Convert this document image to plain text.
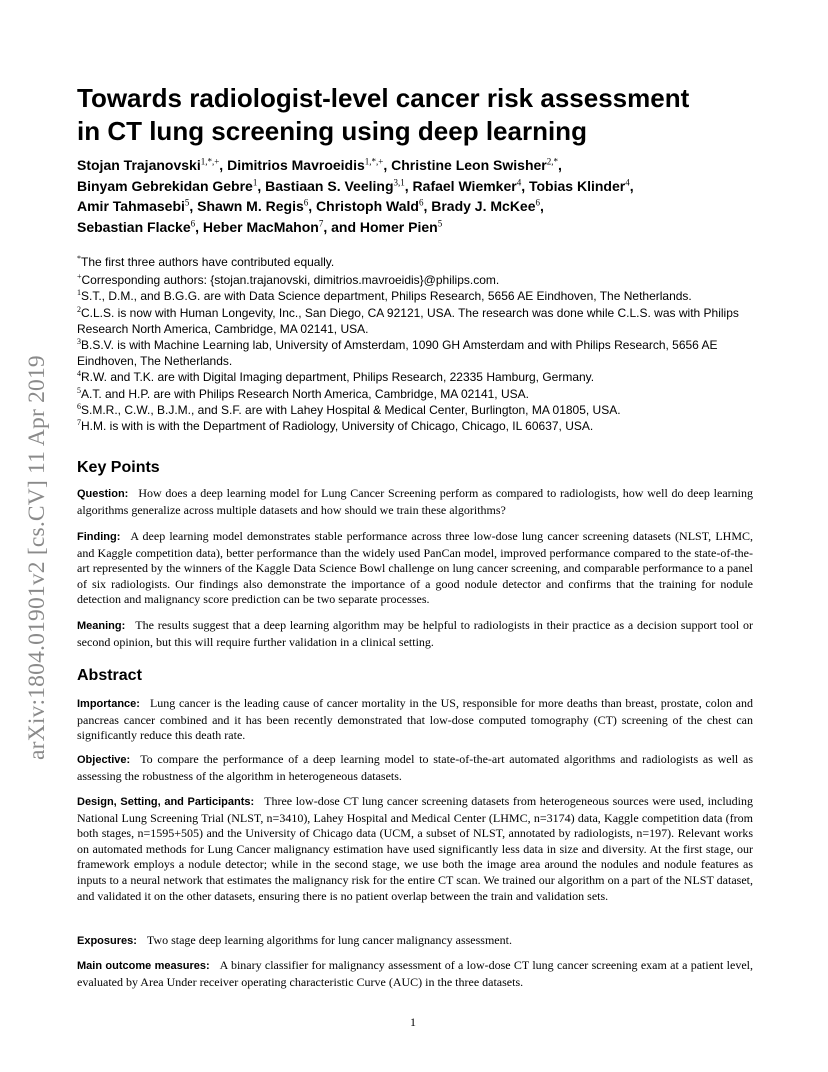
arXiv:1804.01901v2 [cs.CV] 11 Apr 2019
Towards radiologist-level cancer risk assessment
in CT lung screening using deep learning
Stojan Trajanovski$^{1,*,+}$, Dimitrios Mavroeidis$^{1,*,+}$, Christine Leon Swisher$^{2,*}$,
Binyam Gebrekidan Gebre$^1$, Bastiaan S. Veeling$^{3,1}$, Rafael Wiemker$^4$, Tobias Klinder$^4$,
Amir Tahmasebi$^5$, Shawn M. Regis$^6$, Christoph Wald$^6$, Brady J. McKee$^6$,
Sebastian Flacke$^6$, Heber MacMahon$^7$, and Homer Pien$^5$
*The first three authors have contributed equally.
+Corresponding authors: {stojan.trajanovski, dimitrios.mavroeidis}@philips.com.
$^1$S.T., D.M., and B.G.G. are with Data Science department, Philips Research, 5656 AE Eindhoven, The Netherlands.
$^2$C.L.S. is now with Human Longevity, Inc., San Diego, CA 92121, USA. The research was done while C.L.S. was with Philips Research North America, Cambridge, MA 02141, USA.
$^3$B.S.V. is with Machine Learning lab, University of Amsterdam, 1090 GH Amsterdam and with Philips Research, 5656 AE Eindhoven, The Netherlands.
$^4$R.W. and T.K. are with Digital Imaging department, Philips Research, 22335 Hamburg, Germany.
$^5$A.T. and H.P. are with Philips Research North America, Cambridge, MA 02141, USA.
$^6$S.M.R., C.W., B.J.M., and S.F. are with Lahey Hospital & Medical Center, Burlington, MA 01805, USA.
$^7$H.M. is with is with the Department of Radiology, University of Chicago, Chicago, IL 60637, USA.
Key Points
Question: How does a deep learning model for Lung Cancer Screening perform as compared to radiologists, how well do deep learning algorithms generalize across multiple datasets and how should we train these algorithms?
Finding: A deep learning model demonstrates stable performance across three low-dose lung cancer screening datasets (NLST, LHMC, and Kaggle competition data), better performance than the widely used PanCan model, improved performance compared to the state-of-the-art represented by the winners of the Kaggle Data Science Bowl challenge on lung cancer screening, and comparable performance to a panel of six radiologists. Our findings also demonstrate the importance of a good nodule detector and confirms that the training for nodule detection and malignancy score prediction can be two separate processes.
Meaning: The results suggest that a deep learning algorithm may be helpful to radiologists in their practice as a decision support tool or second opinion, but this will require further validation in a clinical setting.
Abstract
Importance: Lung cancer is the leading cause of cancer mortality in the US, responsible for more deaths than breast, prostate, colon and pancreas cancer combined and it has been recently demonstrated that low-dose computed tomography (CT) screening of the chest can significantly reduce this death rate.
Objective: To compare the performance of a deep learning model to state-of-the-art automated algorithms and radiologists as well as assessing the robustness of the algorithm in heterogeneous datasets.
Design, Setting, and Participants: Three low-dose CT lung cancer screening datasets from heterogeneous sources were used, including National Lung Screening Trial (NLST, n=3410), Lahey Hospital and Medical Center (LHMC, n=3174) data, Kaggle competition data (from both stages, n=1595+505) and the University of Chicago data (UCM, a subset of NLST, annotated by radiologists, n=197). Relevant works on automated methods for Lung Cancer malignancy estimation have used significantly less data in size and diversity. At the first stage, our framework employs a nodule detector; while in the second stage, we use both the image area around the nodules and nodule features as inputs to a neural network that estimates the malignancy risk for the entire CT scan. We trained our algorithm on a part of the NLST dataset, and validated it on the other datasets, ensuring there is no patient overlap between the train and validation sets.
Exposures: Two stage deep learning algorithms for lung cancer malignancy assessment.
Main outcome measures: A binary classifier for malignancy assessment of a low-dose CT lung cancer screening exam at a patient level, evaluated by Area Under receiver operating characteristic Curve (AUC) in the three datasets.
1
